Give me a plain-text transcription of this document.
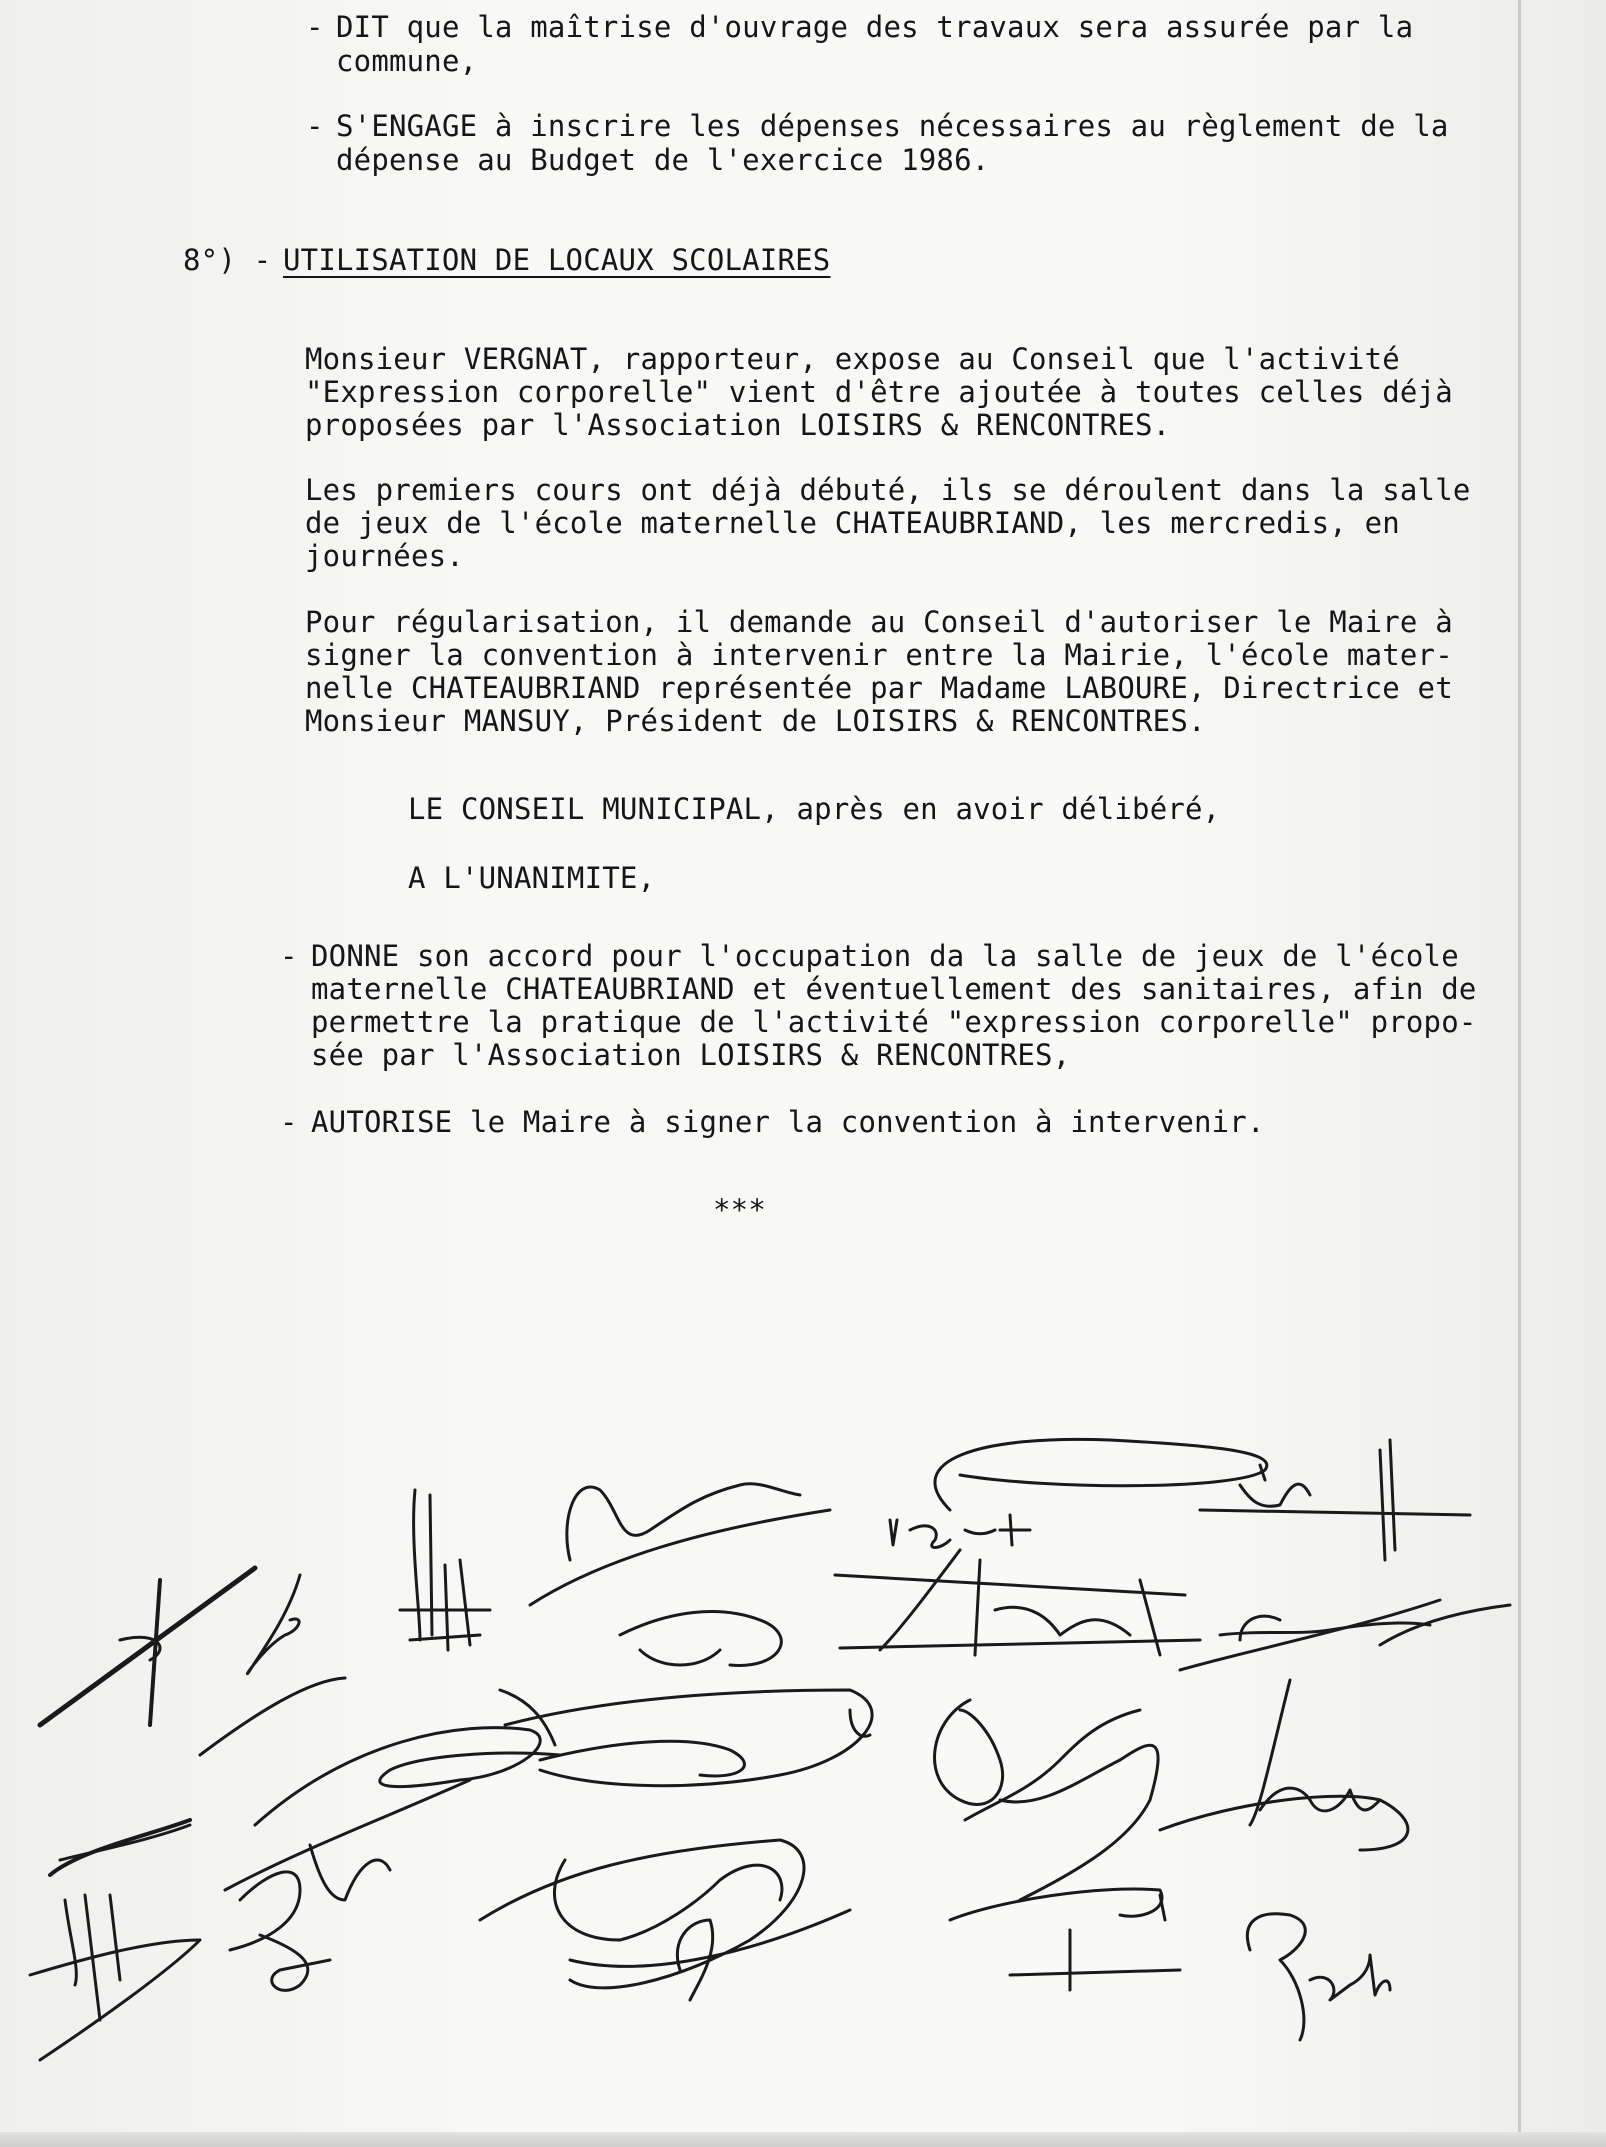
- DIT que la maîtrise d'ouvrage des travaux sera assurée par la
commune,
- S'ENGAGE à inscrire les dépenses nécessaires au règlement de la
dépense au Budget de l'exercice 1986.
8°) - UTILISATION DE LOCAUX SCOLAIRES
Monsieur VERGNAT, rapporteur, expose au Conseil que l'activité
"Expression corporelle" vient d'être ajoutée à toutes celles déjà
proposées par l'Association LOISIRS & RENCONTRES.
Les premiers cours ont déjà débuté, ils se déroulent dans la salle
de jeux de l'école maternelle CHATEAUBRIAND, les mercredis, en
journées.
Pour régularisation, il demande au Conseil d'autoriser le Maire à
signer la convention à intervenir entre la Mairie, l'école mater-
nelle CHATEAUBRIAND représentée par Madame LABOURE, Directrice et
Monsieur MANSUY, Président de LOISIRS & RENCONTRES.
LE CONSEIL MUNICIPAL, après en avoir délibéré,
A L'UNANIMITE,
- DONNE son accord pour l'occupation da la salle de jeux de l'école
maternelle CHATEAUBRIAND et éventuellement des sanitaires, afin de
permettre la pratique de l'activité "expression corporelle" propo-
sée par l'Association LOISIRS & RENCONTRES,
- AUTORISE le Maire à signer la convention à intervenir.
***
